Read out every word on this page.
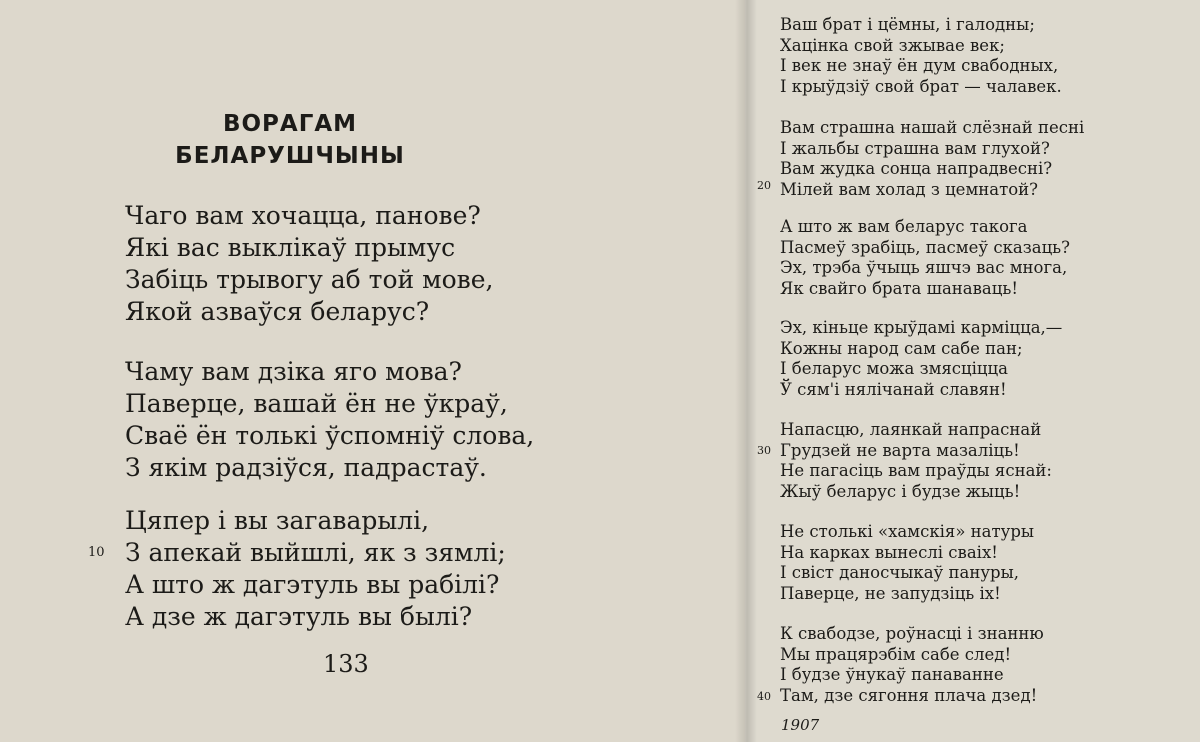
ВОРАГАМ
БЕЛАРУШЧЫНЫ
Чаго вам хочацца, панове?
Які вас выклікаў прымус
Забіць трывогу аб той мове,
Якой азваўся беларус?
Чаму вам дзіка яго мова?
Паверце, вашай ён не ўкраў,
Сваё ён толькі ўспомніў слова,
З якім радзіўся, падрастаў.
Цяпер і вы загаварылі,
З апекай выйшлі, як з зямлі;
А што ж дагэтуль вы рабілі?
А дзе ж дагэтуль вы былі?
10
133
Ваш брат і цёмны, і галодны;
Хацінка свой зжывае век;
І век не знаў ён дум свабодных,
І крыўдзіў свой брат — чалавек.
Вам страшна нашай слёзнай песні
І жальбы страшна вам глухой?
Вам жудка сонца напрадвесні?
Мілей вам холад з цемнатой?
А што ж вам беларус такога
Пасмеў зрабіць, пасмеў сказаць?
Эх, трэба ўчыць яшчэ вас многа,
Як свайго брата шанаваць!
Эх, кіньце крыўдамі карміцца,—
Кожны народ сам сабе пан;
І беларус можа змясціцца
Ў сям'і нялічанай славян!
Напасцю, лаянкай напраснай
Грудзей не варта мазаліць!
Не пагасіць вам праўды яснай:
Жыў беларус і будзе жыць!
Не столькі «хамскія» натуры
На карках вынеслі сваіх!
І свіст даносчыкаў пануры,
Паверце, не запудзіць іх!
К свабодзе, роўнасці і знанню
Мы працярэбім сабе след!
І будзе ўнукаў панаванне
Там, дзе сягоння плача дзед!
20
30
40
1907
